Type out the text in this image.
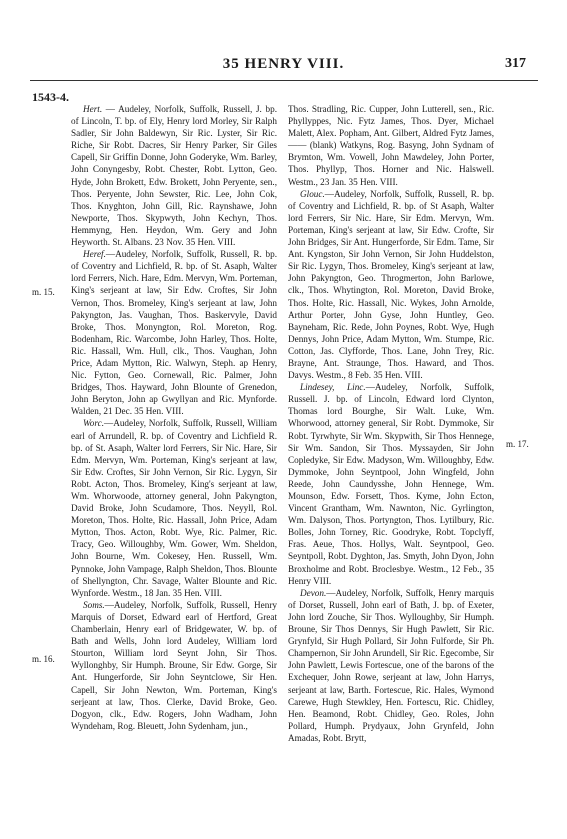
35 HENRY VIII.	317
1543-4.
m. 15.
m. 16.
m. 17.

Hert. — Audeley, Norfolk, Suffolk, Russell, J. bp. of Lincoln, T. bp. of Ely, Henry lord Morley, Sir Ralph Sadler, Sir John Baldewyn, Sir Ric. Lyster, Sir Ric. Riche, Sir Robt. Dacres, Sir Henry Parker, Sir Giles Capell, Sir Griffin Donne, John Goderyke, Wm. Barley, John Conyngesby, Robt. Chester, Robt. Lytton, Geo. Hyde, John Brokett, Edw. Brokett, John Peryente, sen., Thos. Peryente, John Sewster, Ric. Lee, John Cok, Thos. Knyghton, John Gill, Ric. Raynshawe, John Newporte, Thos. Skypwyth, John Kechyn, Thos. Hemmyng, Hen. Heydon, Wm. Gery and John Heyworth. St. Albans. 23 Nov. 35 Hen. VIII.

Heref.—Audeley, Norfolk, Suffolk, Russell, R. bp. of Coventry and Lichfield, R. bp. of St. Asaph, Walter lord Ferrers, Nich. Hare, Edm. Mervyn, Wm. Porteman, King's serjeant at law, Sir Edw. Croftes, Sir John Vernon, Thos. Bromeley, King's serjeant at law, John Pakyngton, Jas. Vaughan, Thos. Baskervyle, David Broke, Thos. Monyngton, Rol. Moreton, Rog. Bodenham, Ric. Warcombe, John Harley, Thos. Holte, Ric. Hassall, Wm. Hull, clk., Thos. Vaughan, John Price, Adam Mytton, Ric. Walwyn, Steph. ap Henry, Nic. Fytton, Geo. Cornewall, Ric. Palmer, John Bridges, Thos. Hayward, John Blounte of Grenedon, John Beryton, John ap Gwyllyan and Ric. Mynforde. Walden, 21 Dec. 35 Hen. VIII.

Worc.—Audeley, Norfolk, Suffolk, Russell, William earl of Arrundell, R. bp. of Coventry and Lichfield R. bp. of St. Asaph, Walter lord Ferrers, Sir Nic. Hare, Sir Edm. Mervyn, Wm. Porteman, King's serjeant at law, Sir Edw. Croftes, Sir John Vernon, Sir Ric. Lygyn, Sir Robt. Acton, Thos. Bromeley, King's serjeant at law, Wm. Whorwoode, attorney general, John Pakyngton, David Broke, John Scudamore, Thos. Neyyll, Rol. Moreton, Thos. Holte, Ric. Hassall, John Price, Adam Mytton, Thos. Acton, Robt. Wye, Ric. Palmer, Ric. Tracy, Geo. Willoughby, Wm. Gower, Wm. Sheldon, John Bourne, Wm. Cokesey, Hen. Russell, Wm. Pynnoke, John Vampage, Ralph Sheldon, Thos. Blounte of Shellyngton, Chr. Savage, Walter Blounte and Ric. Wynforde. Westm., 18 Jan. 35 Hen. VIII.

Soms.—Audeley, Norfolk, Suffolk, Russell, Henry Marquis of Dorset, Edward earl of Hertford, Great Chamberlain, Henry earl of Bridgewater, W. bp. of Bath and Wells, John lord Audeley, William lord Stourton, William lord Seynt John, Sir Thos. Wyllonghby, Sir Humph. Broune, Sir Edw. Gorge, Sir Ant. Hungerforde, Sir John Seyntclowe, Sir Hen. Capell, Sir John Newton, Wm. Porteman, King's serjeant at law, Thos. Clerke, David Broke, Geo. Dogyon, clk., Edw. Rogers, John Wadham, John Wyndeham, Rog. Bleuett, John Sydenham, jun.,

Thos. Stradling, Ric. Cupper, John Lutterell, sen., Ric. Phyllyppes, Nic. Fytz James, Thos. Dyer, Michael Malett, Alex. Popham, Ant. Gilbert, Aldred Fytz James, —— (blank) Watkyns, Rog. Basyng, John Sydnam of Brymton, Wm. Vowell, John Mawdeley, John Porter, Thos. Phyllyp, Thos. Horner and Nic. Halswell. Westm., 23 Jan. 35 Hen. VIII.

Glouc.—Audeley, Norfolk, Suffolk, Russell, R. bp. of Coventry and Lichfield, R. bp. of St Asaph, Walter lord Ferrers, Sir Nic. Hare, Sir Edm. Mervyn, Wm. Porteman, King's serjeant at law, Sir Edw. Crofte, Sir John Bridges, Sir Ant. Hungerforde, Sir Edm. Tame, Sir Ant. Kyngston, Sir John Vernon, Sir John Huddelston, Sir Ric. Lygyn, Thos. Bromeley, King's serjeant at law, John Pakyngton, Geo. Throgmerton, John Barlowe, clk., Thos. Whytington, Rol. Moreton, David Broke, Thos. Holte, Ric. Hassall, Nic. Wykes, John Arnolde, Arthur Porter, John Gyse, John Huntley, Geo. Bayneham, Ric. Rede, John Poynes, Robt. Wye, Hugh Dennys, John Price, Adam Mytton, Wm. Stumpe, Ric. Cotton, Jas. Clyfforde, Thos. Lane, John Trey, Ric. Brayne, Ant. Straunge, Thos. Haward, and Thos. Davys. Westm., 8 Feb. 35 Hen. VIII.

Lindesey, Linc.—Audeley, Norfolk, Suffolk, Russell. J. bp. of Lincoln, Edward lord Clynton, Thomas lord Bourghe, Sir Walt. Luke, Wm. Whorwood, attorney general, Sir Robt. Dymmoke, Sir Robt. Tyrwhyte, Sir Wm. Skypwith, Sir Thos Hennege, Sir Wm. Sandon, Sir Thos. Myssayden, Sir John Copledyke, Sir Edw. Madyson, Wm. Willoughby, Edw. Dymmoke, John Seyntpool, John Wingfeld, John Reede, John Caundysshe, John Hennege, Wm. Mounson, Edw. Forsett, Thos. Kyme, John Ecton, Vincent Grantham, Wm. Nawnton, Nic. Gyrlington, Wm. Dalyson, Thos. Portyngton, Thos. Lytilbury, Ric. Bolles, John Torney, Ric. Goodryke, Robt. Topclyff, Fras. Aeue, Thos. Hollys, Walt. Seyntpool, Geo. Seyntpoll, Robt. Dyghton, Jas. Smyth, John Dyon, John Broxholme and Robt. Broclesbye. Westm., 12 Feb., 35 Henry VIII.

Devon.—Audeley, Norfolk, Suffolk, Henry marquis of Dorset, Russell, John earl of Bath, J. bp. of Exeter, John lord Zouche, Sir Thos. Wylloughby, Sir Humph. Broune, Sir Thos Dennys, Sir Hugh Pawlett, Sir Ric. Grynfyld, Sir Hugh Pollard, Sir John Fulforde, Sir Ph. Champernon, Sir John Arundell, Sir Ric. Egecombe, Sir John Pawlett, Lewis Fortescue, one of the barons of the Exchequer, John Rowe, serjeant at law, John Harrys, serjeant at law, Barth. Fortescue, Ric. Hales, Wymond Carewe, Hugh Stewkley, Hen. Fortescu, Ric. Chidley, Hen. Beamond, Robt. Chidley, Geo. Roles, John Pollard, Humph. Prydyaux, John Grynfeld, John Amadas, Robt. Brytt,
